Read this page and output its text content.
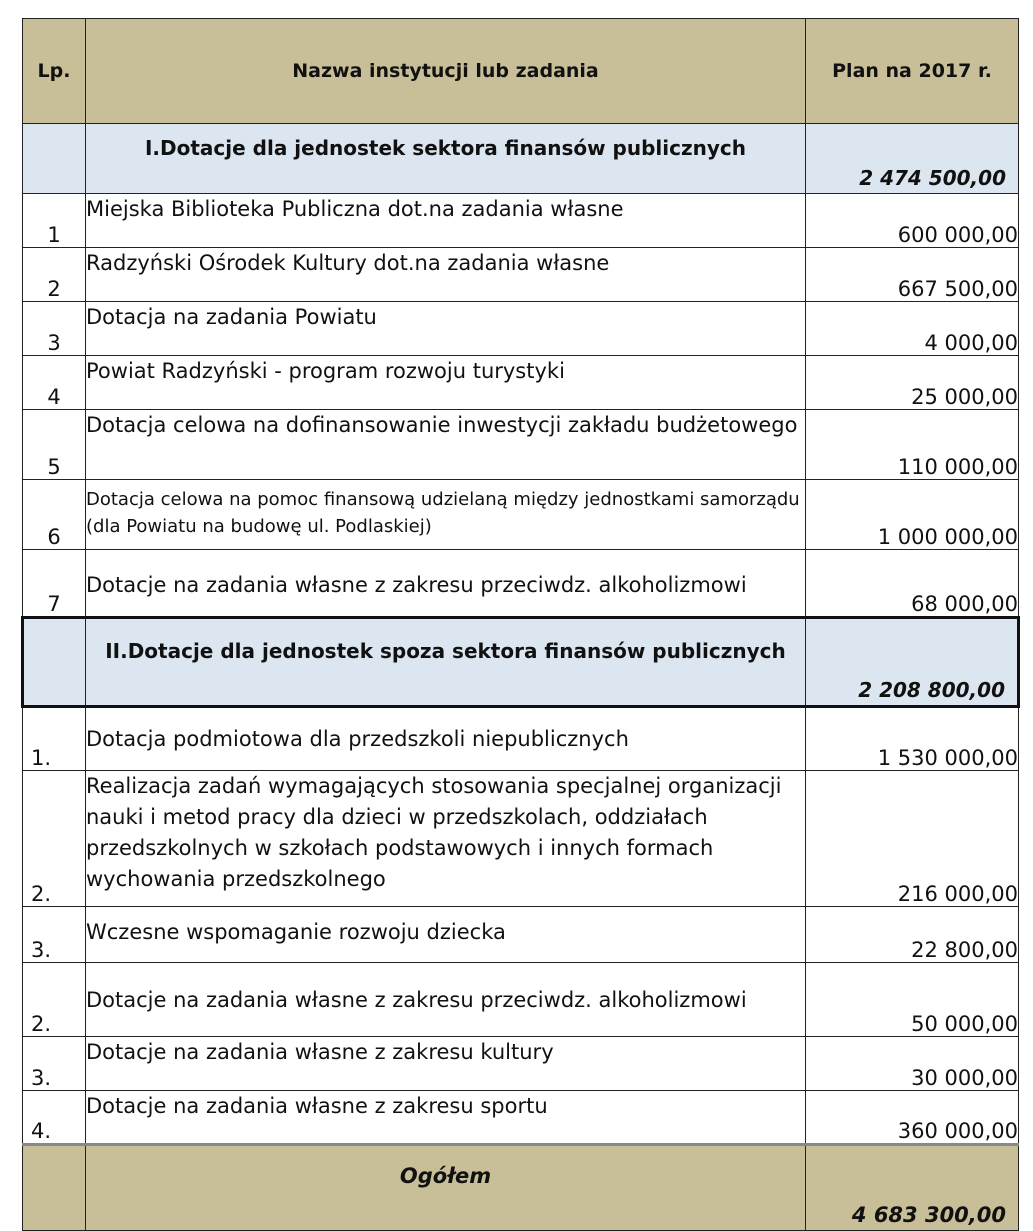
Lp.	Nazwa instytucji lub zadania	Plan na 2017 r.
	I.Dotacje dla jednostek sektora finansów publicznych	2 474 500,00
1	Miejska Biblioteka Publiczna dot.na zadania własne	600 000,00
2	Radzyński Ośrodek Kultury dot.na zadania własne	667 500,00
3	Dotacja na zadania Powiatu	4 000,00
4	Powiat Radzyński - program rozwoju turystyki	25 000,00
5	Dotacja celowa na dofinansowanie inwestycji zakładu budżetowego	110 000,00
6	Dotacja celowa na pomoc finansową udzielaną między jednostkami samorządu (dla Powiatu na budowę ul. Podlaskiej)	1 000 000,00
7	Dotacje na zadania własne z zakresu przeciwdz. alkoholizmowi	68 000,00
	II.Dotacje dla jednostek spoza sektora finansów publicznych	2 208 800,00
1.	Dotacja podmiotowa dla przedszkoli niepublicznych	1 530 000,00
2.	Realizacja zadań wymagających stosowania specjalnej organizacji nauki i metod pracy dla dzieci w przedszkolach, oddziałach przedszkolnych w szkołach podstawowych i innych formach wychowania przedszkolnego	216 000,00
3.	Wczesne wspomaganie rozwoju dziecka	22 800,00
2.	Dotacje na zadania własne z zakresu przeciwdz. alkoholizmowi	50 000,00
3.	Dotacje na zadania własne z zakresu kultury	30 000,00
4.	Dotacje na zadania własne z zakresu sportu	360 000,00
	Ogółem	4 683 300,00
